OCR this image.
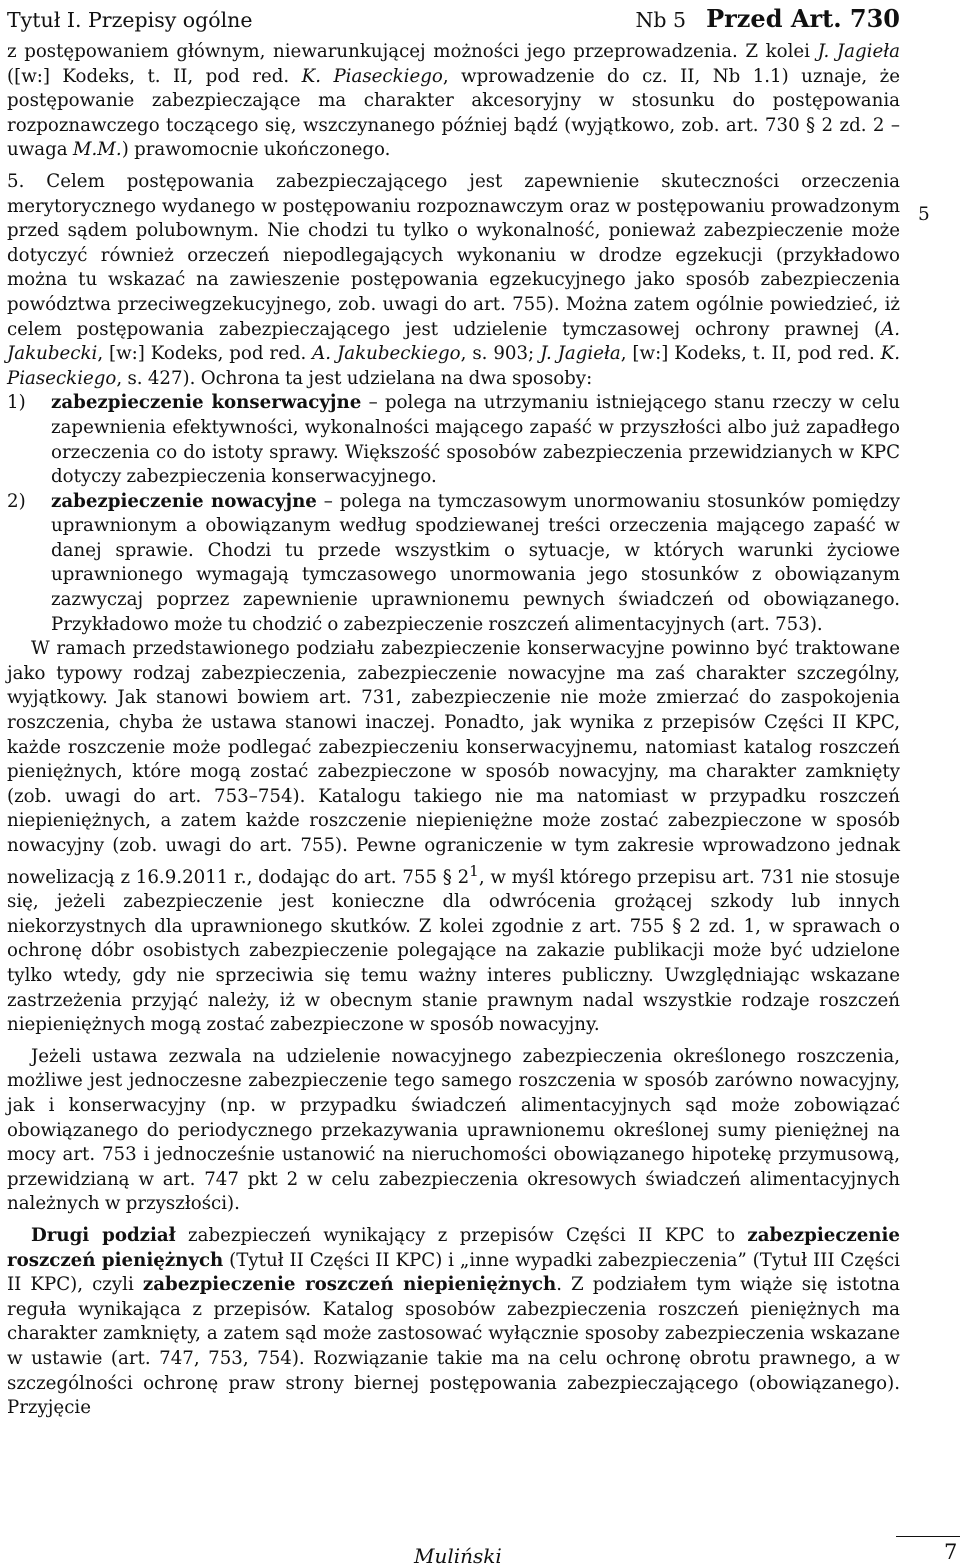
Tytuł I. Przepisy ogólne	Nb 5 Przed Art. 730

z postępowaniem głównym, niewarunkującej możności jego przeprowadzenia. Z kolei J. Jagieła ([w:] Kodeks, t. II, pod red. K. Piaseckiego, wprowadzenie do cz. II, Nb 1.1) uznaje, że postępowanie zabezpieczające ma charakter akcesoryjny w stosunku do postępowania rozpoznawczego toczącego się, wszczynanego później bądź (wyjątkowo, zob. art. 730 § 2 zd. 2 – uwaga M.M.) prawomocnie ukończonego.

5. Celem postępowania zabezpieczającego jest zapewnienie skuteczności orzeczenia merytorycznego wydanego w postępowaniu rozpoznawczym oraz w postępowaniu prowadzonym przed sądem polubownym. Nie chodzi tu tylko o wykonalność, ponieważ zabezpieczenie może dotyczyć również orzeczeń niepodlegających wykonaniu w drodze egzekucji (przykładowo można tu wskazać na zawieszenie postępowania egzekucyjnego jako sposób zabezpieczenia powództwa przeciwegzekucyjnego, zob. uwagi do art. 755). Można zatem ogólnie powiedzieć, iż celem postępowania zabezpieczającego jest udzielenie tymczasowej ochrony prawnej (A. Jakubecki, [w:] Kodeks, pod red. A. Jakubeckiego, s. 903; J. Jagieła, [w:] Kodeks, t. II, pod red. K. Piaseckiego, s. 427). Ochrona ta jest udzielana na dwa sposoby:

1)	zabezpieczenie konserwacyjne – polega na utrzymaniu istniejącego stanu rzeczy w celu zapewnienia efektywności, wykonalności mającego zapaść w przyszłości albo już zapadłego orzeczenia co do istoty sprawy. Większość sposobów zabezpieczenia przewidzianych w KPC dotyczy zabezpieczenia konserwacyjnego.
2)	zabezpieczenie nowacyjne – polega na tymczasowym unormowaniu stosunków pomiędzy uprawnionym a obowiązanym według spodziewanej treści orzeczenia mającego zapaść w danej sprawie. Chodzi tu przede wszystkim o sytuacje, w których warunki życiowe uprawnionego wymagają tymczasowego unormowania jego stosunków z obowiązanym zazwyczaj poprzez zapewnienie uprawnionemu pewnych świadczeń od obowiązanego. Przykładowo może tu chodzić o zabezpieczenie roszczeń alimentacyjnych (art. 753).

W ramach przedstawionego podziału zabezpieczenie konserwacyjne powinno być traktowane jako typowy rodzaj zabezpieczenia, zabezpieczenie nowacyjne ma zaś charakter szczególny, wyjątkowy. Jak stanowi bowiem art. 731, zabezpieczenie nie może zmierzać do zaspokojenia roszczenia, chyba że ustawa stanowi inaczej. Ponadto, jak wynika z przepisów Części II KPC, każde roszczenie może podlegać zabezpieczeniu konserwacyjnemu, natomiast katalog roszczeń pieniężnych, które mogą zostać zabezpieczone w sposób nowacyjny, ma charakter zamknięty (zob. uwagi do art. 753–754). Katalogu takiego nie ma natomiast w przypadku roszczeń niepieniężnych, a zatem każde roszczenie niepieniężne może zostać zabezpieczone w sposób nowacyjny (zob. uwagi do art. 755). Pewne ograniczenie w tym zakresie wprowadzono jednak nowelizacją z 16.9.2011 r., dodając do art. 755 § $2^1$, w myśl którego przepisu art. 731 nie stosuje się, jeżeli zabezpieczenie jest konieczne dla odwrócenia grożącej szkody lub innych niekorzystnych dla uprawnionego skutków. Z kolei zgodnie z art. 755 § 2 zd. 1, w sprawach o ochronę dóbr osobistych zabezpieczenie polegające na zakazie publikacji może być udzielone tylko wtedy, gdy nie sprzeciwia się temu ważny interes publiczny. Uwzględniając wskazane zastrzeżenia przyjąć należy, iż w obecnym stanie prawnym nadal wszystkie rodzaje roszczeń niepieniężnych mogą zostać zabezpieczone w sposób nowacyjny.

Jeżeli ustawa zezwala na udzielenie nowacyjnego zabezpieczenia określonego roszczenia, możliwe jest jednoczesne zabezpieczenie tego samego roszczenia w sposób zarówno nowacyjny, jak i konserwacyjny (np. w przypadku świadczeń alimentacyjnych sąd może zobowiązać obowiązanego do periodycznego przekazywania uprawnionemu określonej sumy pieniężnej na mocy art. 753 i jednocześnie ustanowić na nieruchomości obowiązanego hipotekę przymusową, przewidzianą w art. 747 pkt 2 w celu zabezpieczenia okresowych świadczeń alimentacyjnych należnych w przyszłości).

Drugi podział zabezpieczeń wynikający z przepisów Części II KPC to zabezpieczenie roszczeń pieniężnych (Tytuł II Części II KPC) i „inne wypadki zabezpieczenia” (Tytuł III Części II KPC), czyli zabezpieczenie roszczeń niepieniężnych. Z podziałem tym wiąże się istotna reguła wynikająca z przepisów. Katalog sposobów zabezpieczenia roszczeń pieniężnych ma charakter zamknięty, a zatem sąd może zastosować wyłącznie sposoby zabezpieczenia wskazane w ustawie (art. 747, 753, 754). Rozwiązanie takie ma na celu ochronę obrotu prawnego, a w szczególności ochronę praw strony biernej postępowania zabezpieczającego (obowiązanego). Przyjęcie

5
Muliński	7
